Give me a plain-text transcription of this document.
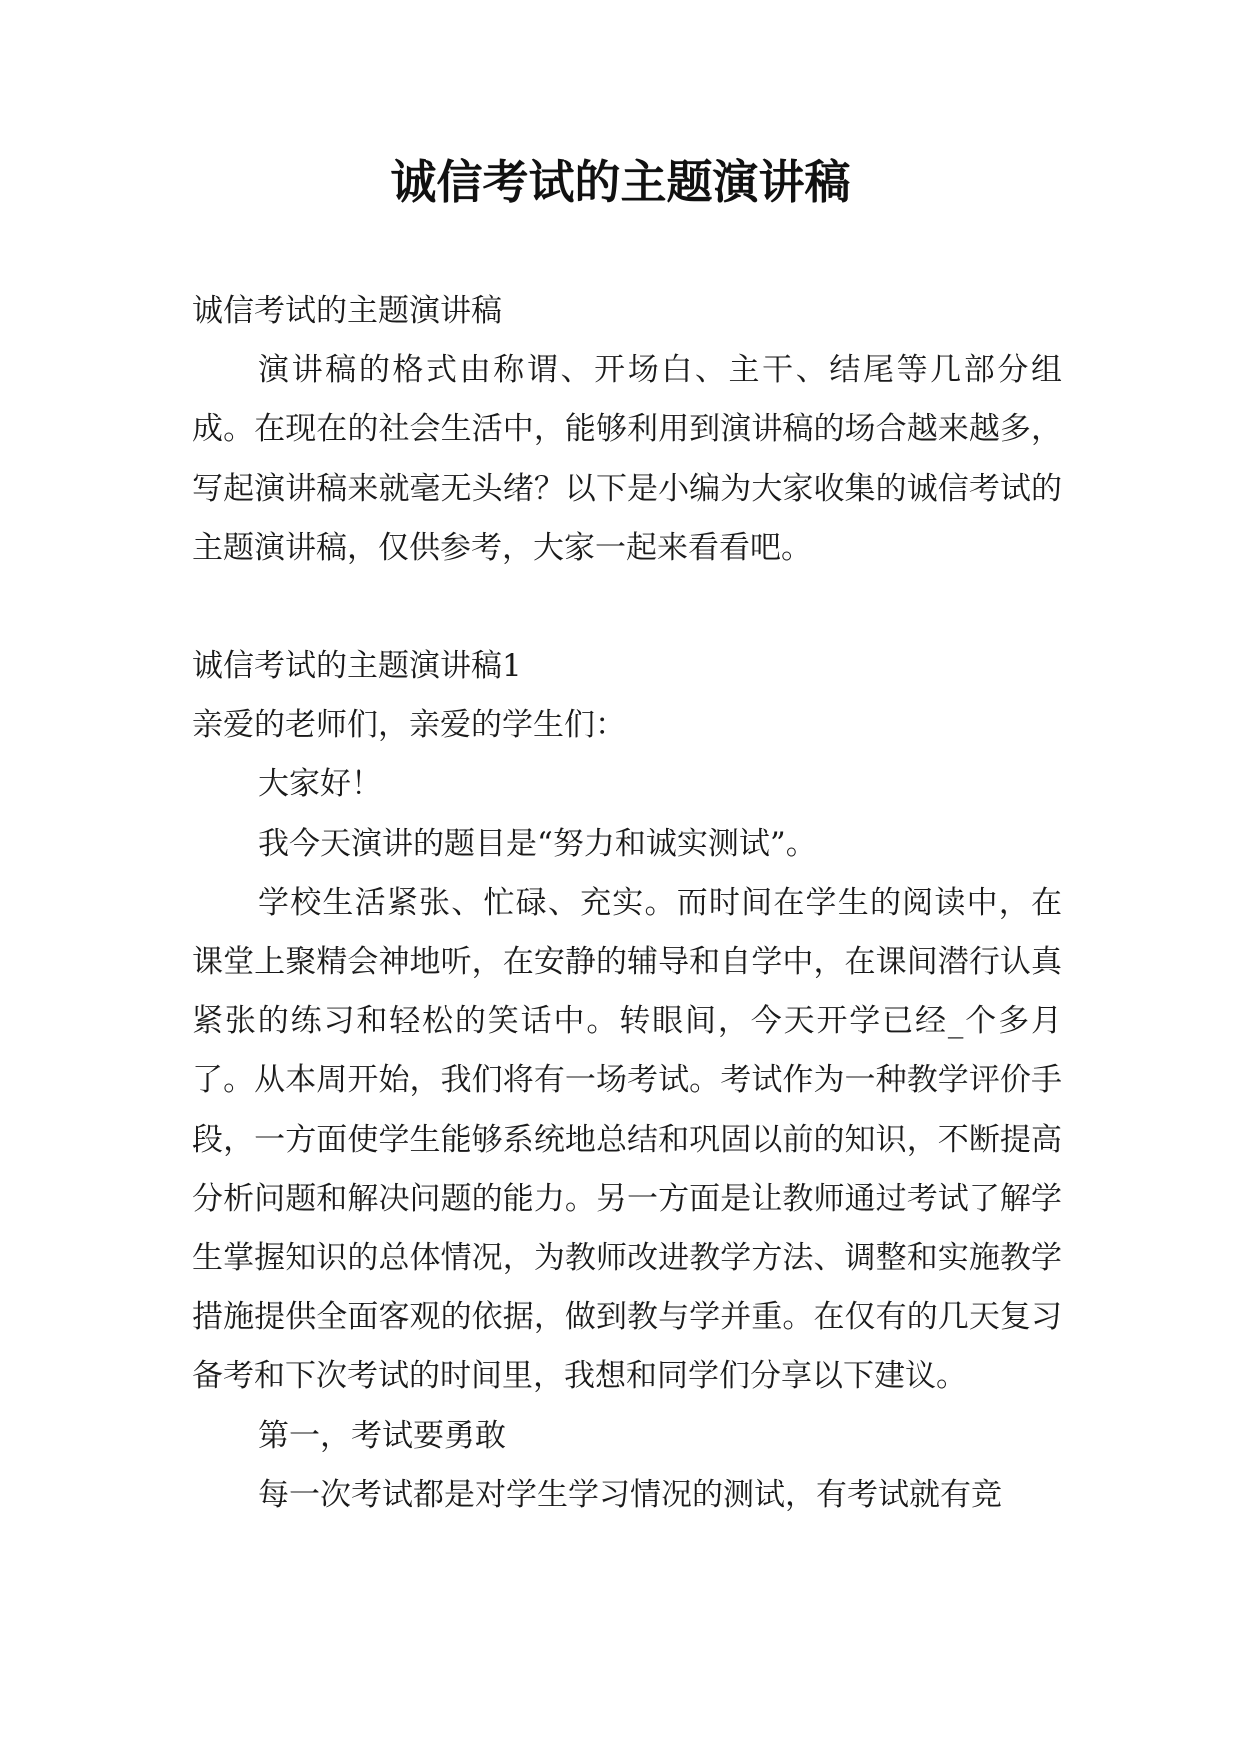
诚信考试的主题演讲稿

诚信考试的主题演讲稿

演讲稿的格式由称谓、开场白、主干、结尾等几部分组成。在现在的社会生活中，能够利用到演讲稿的场合越来越多，写起演讲稿来就毫无头绪？以下是小编为大家收集的诚信考试的主题演讲稿，仅供参考，大家一起来看看吧。

诚信考试的主题演讲稿1

亲爱的老师们，亲爱的学生们：

大家好！

我今天演讲的题目是“努力和诚实测试”。

学校生活紧张、忙碌、充实。而时间在学生的阅读中，在课堂上聚精会神地听，在安静的辅导和自学中，在课间潜行认真紧张的练习和轻松的笑话中。转眼间，今天开学已经_个多月了。从本周开始，我们将有一场考试。考试作为一种教学评价手段，一方面使学生能够系统地总结和巩固以前的知识，不断提高分析问题和解决问题的能力。另一方面是让教师通过考试了解学生掌握知识的总体情况，为教师改进教学方法、调整和实施教学措施提供全面客观的依据，做到教与学并重。在仅有的几天复习备考和下次考试的时间里，我想和同学们分享以下建议。

第一，考试要勇敢

每一次考试都是对学生学习情况的测试，有考试就有竞
